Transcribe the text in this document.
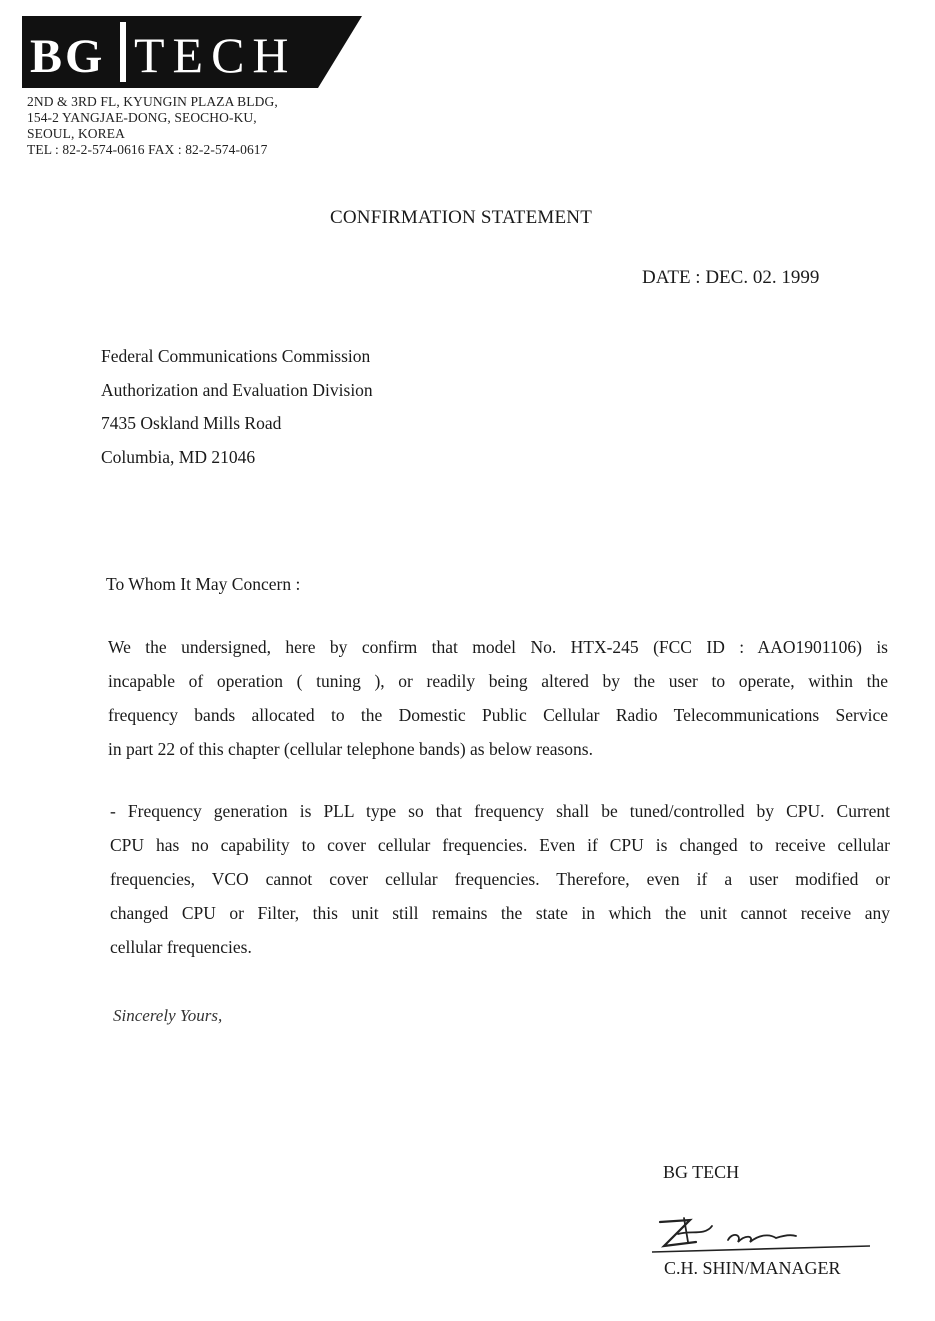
BG TECH
2ND & 3RD FL, KYUNGIN PLAZA BLDG,
154-2 YANGJAE-DONG, SEOCHO-KU,
SEOUL, KOREA
TEL : 82-2-574-0616 FAX : 82-2-574-0617
CONFIRMATION STATEMENT
DATE : DEC. 02. 1999
Federal Communications Commission
Authorization and Evaluation Division
7435 Oskland Mills Road
Columbia, MD 21046
To Whom It May Concern :
We the undersigned, here by confirm that model No. HTX-245 (FCC ID : AAO1901106) is
incapable of operation ( tuning ), or readily being altered by the user to operate, within the
frequency bands allocated to the Domestic Public Cellular Radio Telecommunications Service
in part 22 of this chapter (cellular telephone bands) as below reasons.
- Frequency generation is PLL type so that frequency shall be tuned/controlled by CPU. Current
CPU has no capability to cover cellular frequencies. Even if CPU is changed to receive cellular
frequencies, VCO cannot cover cellular frequencies. Therefore, even if a user modified or
changed CPU or Filter, this unit still remains the state in which the unit cannot receive any
cellular frequencies.
Sincerely Yours,
BG TECH
C.H. SHIN/MANAGER
